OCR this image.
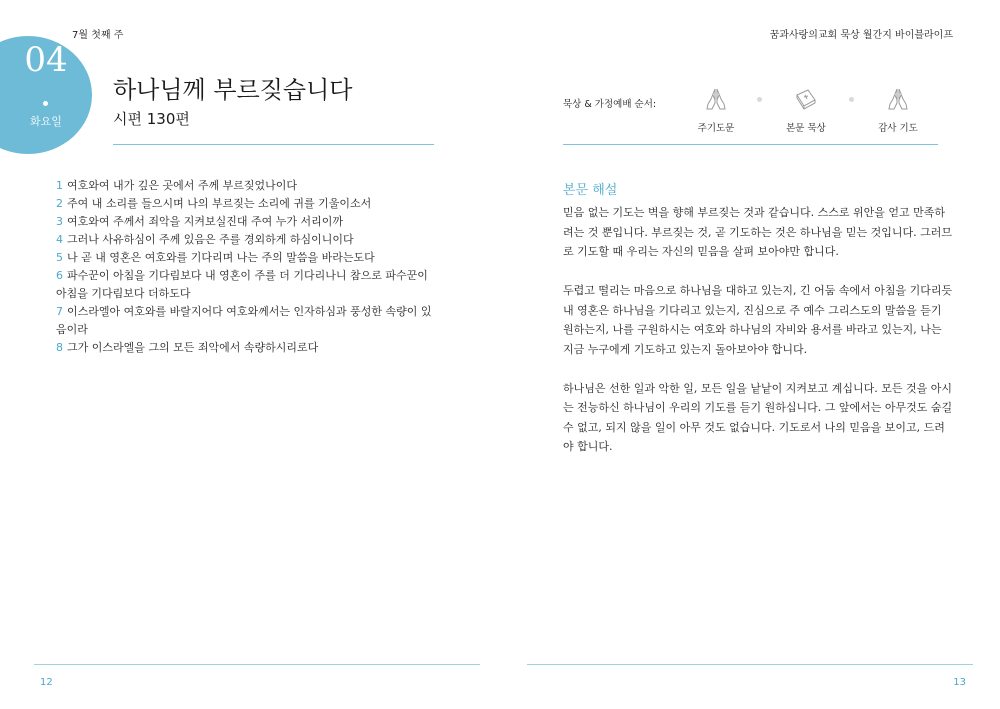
7월 첫째 주	꿈과사랑의교회 묵상 월간지 바이블라이프
04
화요일
하나님께 부르짖습니다
시편 130편

1 여호와여 내가 깊은 곳에서 주께 부르짖었나이다

2 주여 내 소리를 들으시며 나의 부르짖는 소리에 귀를 기울이소서

3 여호와여 주께서 죄악을 지켜보실진대 주여 누가 서리이까

4 그러나 사유하심이 주께 있음은 주를 경외하게 하심이니이다

5 나 곧 내 영혼은 여호와를 기다리며 나는 주의 말씀을 바라는도다

6 파수꾼이 아침을 기다림보다 내 영혼이 주를 더 기다리나니 참으로 파수꾼이 아침을 기다림보다 더하도다

7 이스라엘아 여호와를 바랄지어다 여호와께서는 인자하심과 풍성한 속량이 있음이라

8 그가 이스라엘을 그의 모든 죄악에서 속량하시리로다

묵상 & 가정예배 순서:
주기도문	본문 묵상	감사 기도
본문 해설

믿음 없는 기도는 벽을 향해 부르짖는 것과 같습니다. 스스로 위안을 얻고 만족하려는 것 뿐입니다. 부르짖는 것, 곧 기도하는 것은 하나님을 믿는 것입니다. 그러므로 기도할 때 우리는 자신의 믿음을 살펴 보아야만 합니다.

두렵고 떨리는 마음으로 하나님을 대하고 있는지, 긴 어둠 속에서 아침을 기다리듯 내 영혼은 하나님을 기다리고 있는지, 진심으로 주 예수 그리스도의 말씀을 듣기 원하는지, 나를 구원하시는 여호와 하나님의 자비와 용서를 바라고 있는지, 나는 지금 누구에게 기도하고 있는지 돌아보아야 합니다.

하나님은 선한 일과 악한 일, 모든 일을 낱낱이 지켜보고 계십니다. 모든 것을 아시는 전능하신 하나님이 우리의 기도를 듣기 원하십니다. 그 앞에서는 아무것도 숨길 수 없고, 되지 않을 일이 아무 것도 없습니다. 기도로서 나의 믿음을 보이고, 드려야 합니다.

12	13
